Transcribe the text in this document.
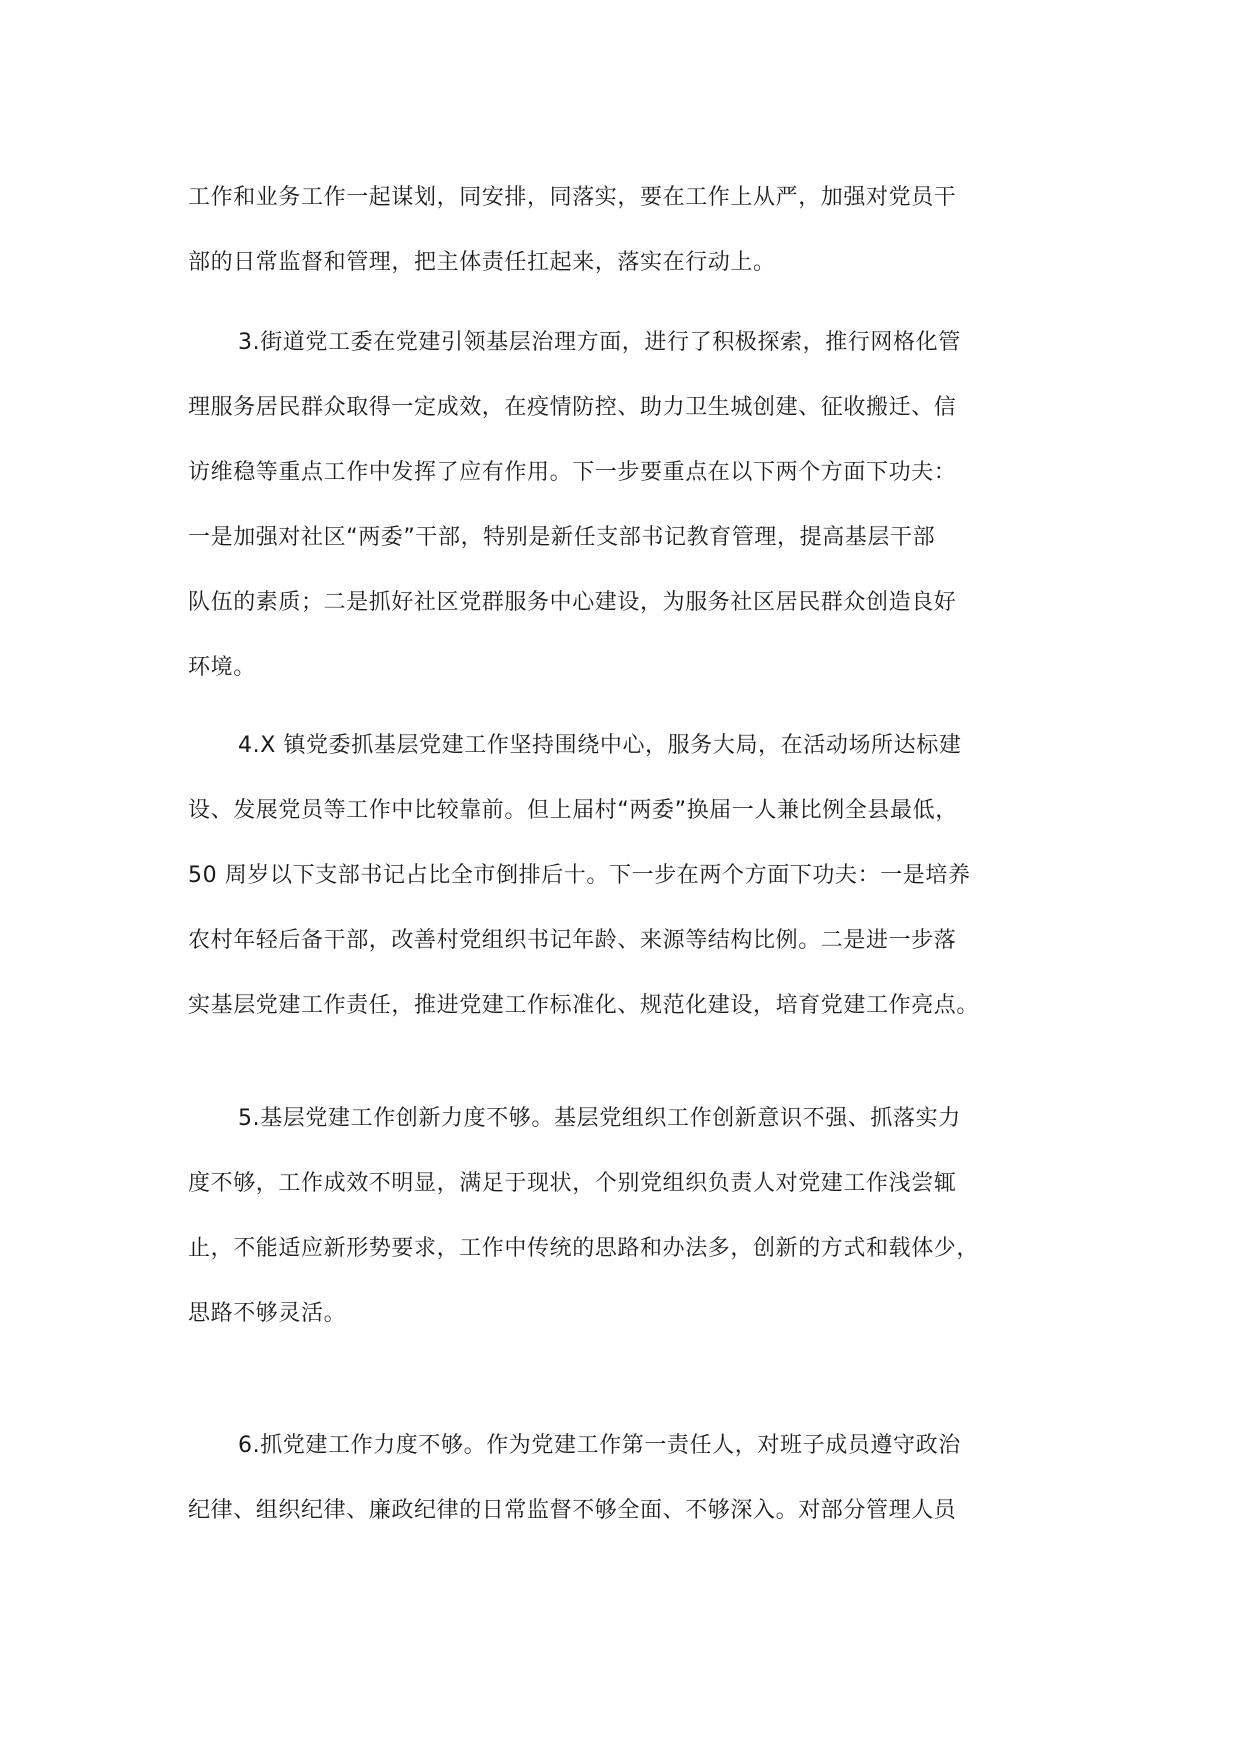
工作和业务工作一起谋划，同安排，同落实，要在工作上从严，加强对党员干
部的日常监督和管理，把主体责任扛起来，落实在行动上。
3.街道党工委在党建引领基层治理方面，进行了积极探索，推行网格化管
理服务居民群众取得一定成效，在疫情防控、助力卫生城创建、征收搬迁、信
访维稳等重点工作中发挥了应有作用。下一步要重点在以下两个方面下功夫：
一是加强对社区“两委”干部，特别是新任支部书记教育管理，提高基层干部
队伍的素质；二是抓好社区党群服务中心建设，为服务社区居民群众创造良好
环境。
4.X 镇党委抓基层党建工作坚持围绕中心，服务大局，在活动场所达标建
设、发展党员等工作中比较靠前。但上届村“两委”换届一人兼比例全县最低，
50 周岁以下支部书记占比全市倒排后十。下一步在两个方面下功夫：一是培养
农村年轻后备干部，改善村党组织书记年龄、来源等结构比例。二是进一步落
实基层党建工作责任，推进党建工作标准化、规范化建设，培育党建工作亮点。
5.基层党建工作创新力度不够。基层党组织工作创新意识不强、抓落实力
度不够，工作成效不明显，满足于现状，个别党组织负责人对党建工作浅尝辄
止，不能适应新形势要求，工作中传统的思路和办法多，创新的方式和载体少，
思路不够灵活。
6.抓党建工作力度不够。作为党建工作第一责任人，对班子成员遵守政治
纪律、组织纪律、廉政纪律的日常监督不够全面、不够深入。对部分管理人员
